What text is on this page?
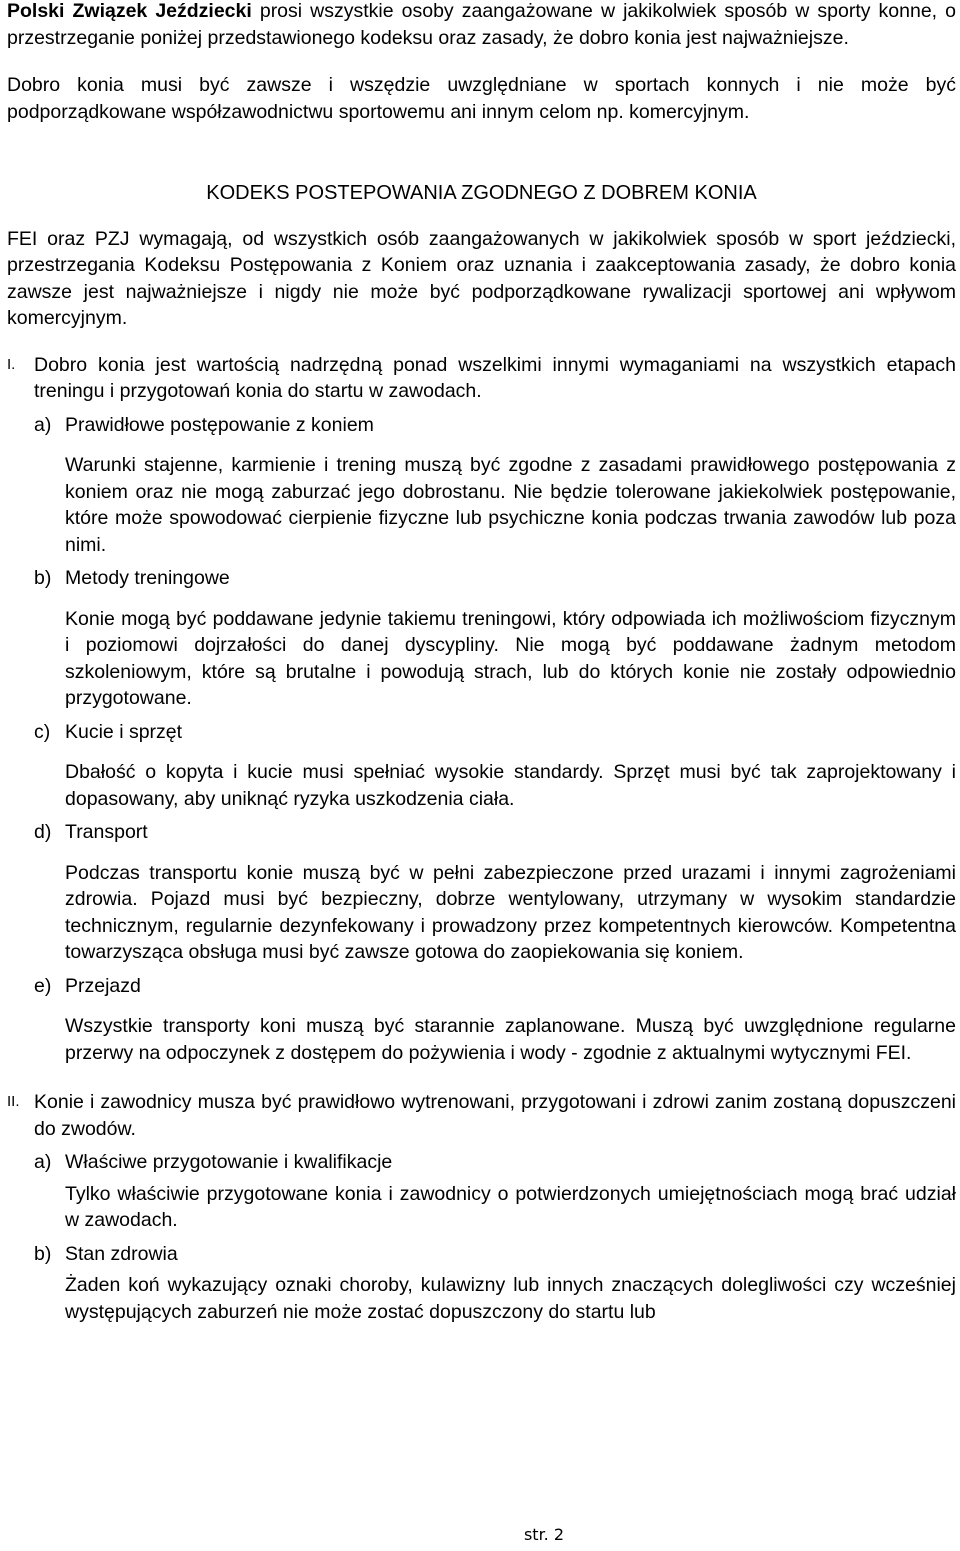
Polski Związek Jeździecki prosi wszystkie osoby zaangażowane w jakikolwiek sposób w sporty konne, o przestrzeganie poniżej przedstawionego kodeksu oraz zasady, że dobro konia jest najważniejsze.

Dobro konia musi być zawsze i wszędzie uwzględniane w sportach konnych i nie może być podporządkowane współzawodnictwu sportowemu ani innym celom np. komercyjnym.

KODEKS POSTEPOWANIA ZGODNEGO Z DOBREM KONIA

FEI oraz PZJ wymagają, od wszystkich osób zaangażowanych w jakikolwiek sposób w sport jeździecki, przestrzegania Kodeksu Postępowania z Koniem oraz uznania i zaakceptowania zasady, że dobro konia zawsze jest najważniejsze i nigdy nie może być podporządkowane rywalizacji sportowej ani wpływom komercyjnym.

I. Dobro konia jest wartością nadrzędną ponad wszelkimi innymi wymaganiami na wszystkich etapach treningu i przygotowań konia do startu w zawodach.

a) Prawidłowe postępowanie z koniem

Warunki stajenne, karmienie i trening muszą być zgodne z zasadami prawidłowego postępowania z koniem oraz nie mogą zaburzać jego dobrostanu. Nie będzie tolerowane jakiekolwiek postępowanie, które może spowodować cierpienie fizyczne lub psychiczne konia podczas trwania zawodów lub poza nimi.

b) Metody treningowe

Konie mogą być poddawane jedynie takiemu treningowi, który odpowiada ich możliwościom fizycznym i poziomowi dojrzałości do danej dyscypliny. Nie mogą być poddawane żadnym metodom szkoleniowym, które są brutalne i powodują strach, lub do których konie nie zostały odpowiednio przygotowane.

c) Kucie i sprzęt

Dbałość o kopyta i kucie musi spełniać wysokie standardy. Sprzęt musi być tak zaprojektowany i dopasowany, aby uniknąć ryzyka uszkodzenia ciała.

d) Transport

Podczas transportu konie muszą być w pełni zabezpieczone przed urazami i innymi zagrożeniami zdrowia. Pojazd musi być bezpieczny, dobrze wentylowany, utrzymany w wysokim standardzie technicznym, regularnie dezynfekowany i prowadzony przez kompetentnych kierowców. Kompetentna towarzysząca obsługa musi być zawsze gotowa do zaopiekowania się koniem.

e) Przejazd

Wszystkie transporty koni muszą być starannie zaplanowane. Muszą być uwzględnione regularne przerwy na odpoczynek z dostępem do pożywienia i wody - zgodnie z aktualnymi wytycznymi FEI.

II. Konie i zawodnicy musza być prawidłowo wytrenowani, przygotowani i zdrowi zanim zostaną dopuszczeni do zwodów.

a) Właściwe przygotowanie i kwalifikacje

Tylko właściwie przygotowane konia i zawodnicy o potwierdzonych umiejętnościach mogą brać udział w zawodach.

b) Stan zdrowia

Żaden koń wykazujący oznaki choroby, kulawizny lub innych znaczących dolegliwości czy wcześniej występujących zaburzeń nie może zostać dopuszczony do startu lub

str. 2
